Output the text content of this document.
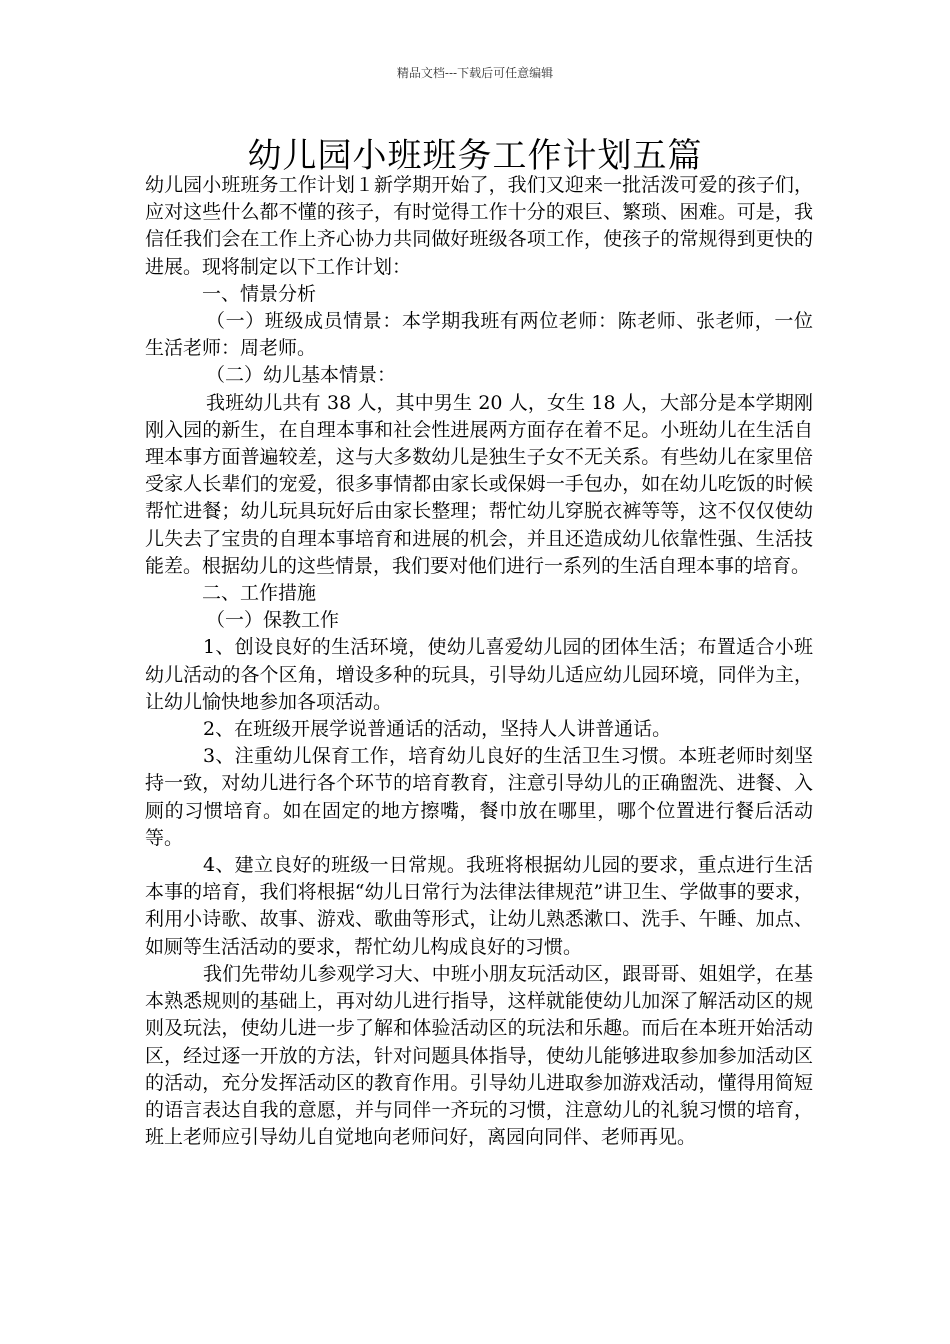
精品文档---下载后可任意编辑
幼儿园小班班务工作计划五篇

幼儿园小班班务工作计划１新学期开始了，我们又迎来一批活泼可爱的孩子们，应对这些什么都不懂的孩子，有时觉得工作十分的艰巨、繁琐、困难。可是，我信任我们会在工作上齐心协力共同做好班级各项工作，使孩子的常规得到更快的进展。现将制定以下工作计划：

一、情景分析

（一）班级成员情景：本学期我班有两位老师：陈老师、张老师，一位生活老师：周老师。

（二）幼儿基本情景：

我班幼儿共有 38 人，其中男生 20 人，女生 18 人，大部分是本学期刚刚入园的新生，在自理本事和社会性进展两方面存在着不足。小班幼儿在生活自理本事方面普遍较差，这与大多数幼儿是独生子女不无关系。有些幼儿在家里倍受家人长辈们的宠爱，很多事情都由家长或保姆一手包办，如在幼儿吃饭的时候帮忙进餐；幼儿玩具玩好后由家长整理；帮忙幼儿穿脱衣裤等等，这不仅仅使幼儿失去了宝贵的自理本事培育和进展的机会，并且还造成幼儿依靠性强、生活技能差。根据幼儿的这些情景，我们要对他们进行一系列的生活自理本事的培育。

二、工作措施

（一）保教工作

1、创设良好的生活环境，使幼儿喜爱幼儿园的团体生活；布置适合小班幼儿活动的各个区角，增设多种的玩具，引导幼儿适应幼儿园环境，同伴为主，让幼儿愉快地参加各项活动。

2、在班级开展学说普通话的活动，坚持人人讲普通话。

3、注重幼儿保育工作，培育幼儿良好的生活卫生习惯。本班老师时刻坚持一致，对幼儿进行各个环节的培育教育，注意引导幼儿的正确盥洗、进餐、入厕的习惯培育。如在固定的地方擦嘴，餐巾放在哪里，哪个位置进行餐后活动等。

4、建立良好的班级一日常规。我班将根据幼儿园的要求，重点进行生活本事的培育，我们将根据“幼儿日常行为法律法律规范”讲卫生、学做事的要求，利用小诗歌、故事、游戏、歌曲等形式，让幼儿熟悉漱口、洗手、午睡、加点、如厕等生活活动的要求，帮忙幼儿构成良好的习惯。

我们先带幼儿参观学习大、中班小朋友玩活动区，跟哥哥、姐姐学，在基本熟悉规则的基础上，再对幼儿进行指导，这样就能使幼儿加深了解活动区的规则及玩法，使幼儿进一步了解和体验活动区的玩法和乐趣。而后在本班开始活动区，经过逐一开放的方法，针对问题具体指导，使幼儿能够进取参加参加活动区的活动，充分发挥活动区的教育作用。引导幼儿进取参加游戏活动，懂得用简短的语言表达自我的意愿，并与同伴一齐玩的习惯，注意幼儿的礼貌习惯的培育，班上老师应引导幼儿自觉地向老师问好，离园向同伴、老师再见。
